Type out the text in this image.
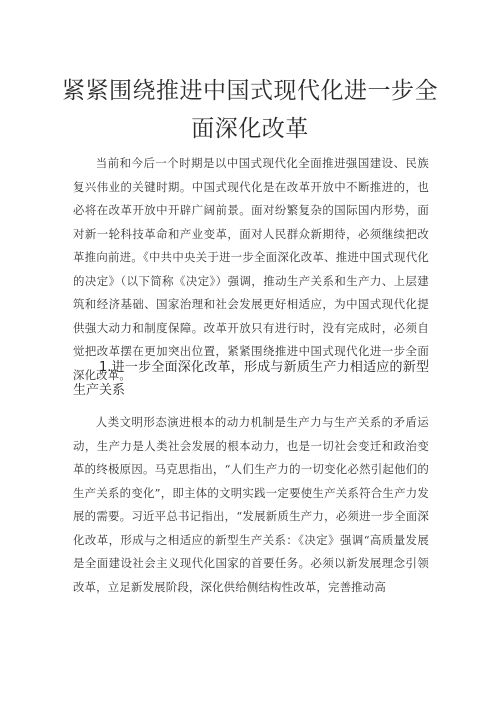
紧紧围绕推进中国式现代化进一步全面深化改革
当前和今后一个时期是以中国式现代化全面推进强国建设、民族复兴伟业的关键时期。中国式现代化是在改革开放中不断推进的，也必将在改革开放中开辟广阔前景。面对纷繁复杂的国际国内形势，面对新一轮科技革命和产业变革，面对人民群众新期待，必须继续把改革推向前进。《中共中央关于进一步全面深化改革、推进中国式现代化的决定》（以下简称《决定》）强调，推动生产关系和生产力、上层建筑和经济基础、国家治理和社会发展更好相适应，为中国式现代化提供强大动力和制度保障。改革开放只有进行时，没有完成时，必须自觉把改革摆在更加突出位置，紧紧围绕推进中国式现代化进一步全面深化改革。
1.进一步全面深化改革，形成与新质生产力相适应的新型生产关系
人类文明形态演进根本的动力机制是生产力与生产关系的矛盾运动，生产力是人类社会发展的根本动力，也是一切社会变迁和政治变革的终极原因。马克思指出，“人们生产力的一切变化必然引起他们的生产关系的变化”，即主体的文明实践一定要使生产关系符合生产力发展的需要。习近平总书记指出，“发展新质生产力，必须进一步全面深化改革，形成与之相适应的新型生产关系：《决定》强调“高质量发展是全面建设社会主义现代化国家的首要任务。必须以新发展理念引领改革，立足新发展阶段，深化供给侧结构性改革，完善推动高
